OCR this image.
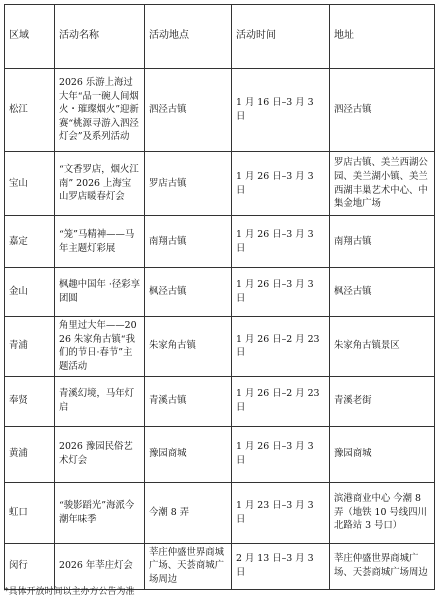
区域	活动名称	活动地点	活动时间	地址
松江	2026 乐游上海过大年“品一碗人间烟火・璀璨烟火”迎新赛“桃源寻游入泗泾灯会”及系列活动	泗泾古镇	1 月 16 日–3 月 3 日	泗泾古镇
宝山	“文香罗店，烟火江南” 2026 上海宝山罗店暖春灯会	罗店古镇	1 月 26 日–3 月 3 日	罗店古镇、美兰西湖公园、美兰湖小镇、美兰西湖丰巢艺术中心、中集金地广场
嘉定	“笼”马精神——马年主题灯彩展	南翔古镇	1 月 26 日–3 月 3 日	南翔古镇
金山	枫趣中国年 ·径彩享团圆	枫泾古镇	1 月 26 日–3 月 3 日	枫泾古镇
青浦	角里过大年——2026 朱家角古镇“我们的节日·春节”主题活动	朱家角古镇	1 月 26 日–2 月 23 日	朱家角古镇景区
奉贤	青溪幻境，马年灯启	青溪古镇	1 月 26 日–2 月 23 日	青溪老街
黄浦	2026 豫园民俗艺术灯会	豫园商城	1 月 26 日–3 月 3 日	豫园商城
虹口	“骏影蹈光”海派今潮年味季	今潮 8 弄	1 月 23 日–3 月 3 日	滨港商业中心 今潮 8 弄（地铁 10 号线四川北路站 3 号口）
闵行	2026 年莘庄灯会	莘庄仲盛世界商城广场、天荟商城广场周边	2 月 13 日–3 月 3 日	莘庄仲盛世界商城广场、天荟商城广场周边
*具体开放时间以主办方公告为准
